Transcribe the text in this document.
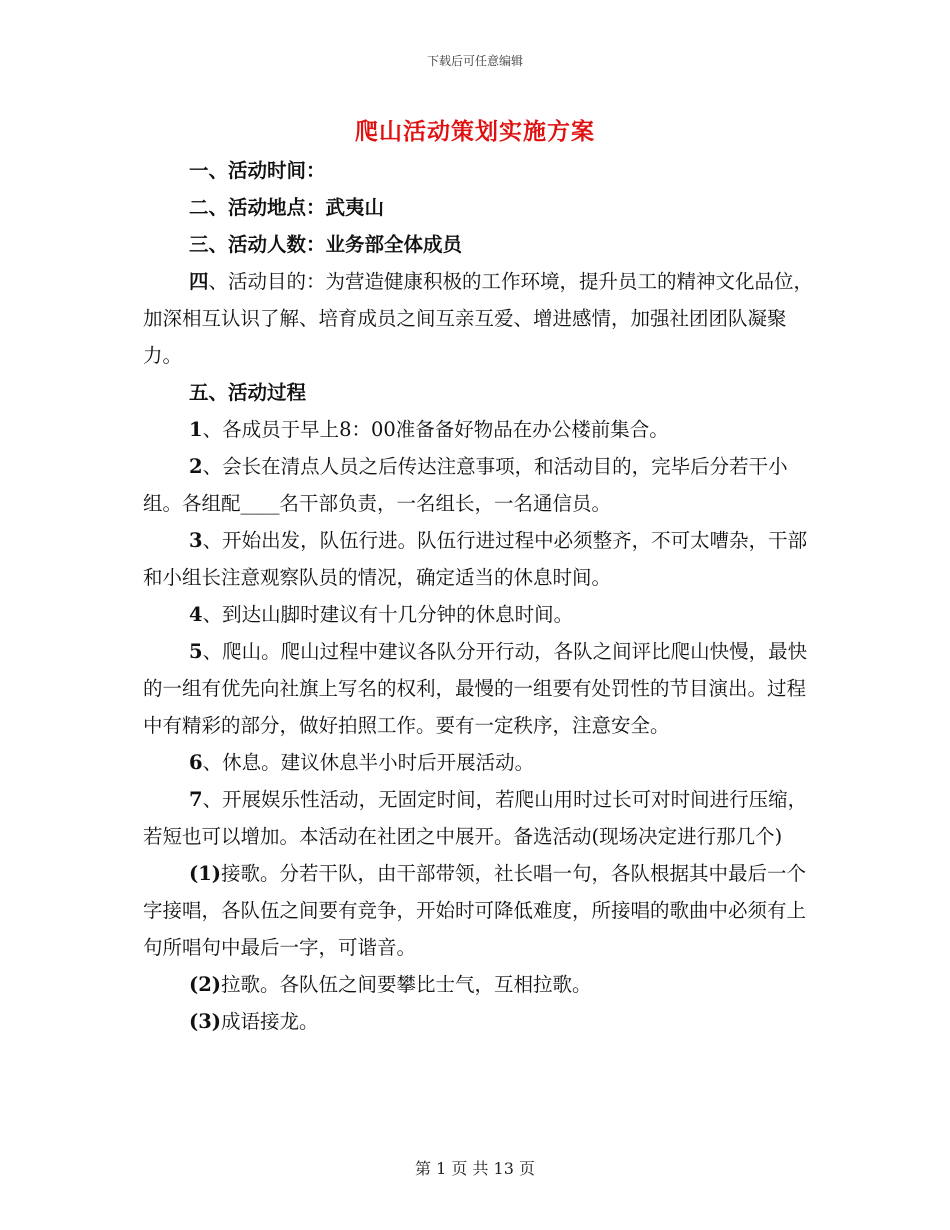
下载后可任意编辑
爬山活动策划实施方案

一、活动时间：

二、活动地点：武夷山

三、活动人数：业务部全体成员

四、活动目的：为营造健康积极的工作环境，提升员工的精神文化品位，加深相互认识了解、培育成员之间互亲互爱、增进感情，加强社团团队凝聚力。

五、活动过程

1、各成员于早上8：00准备备好物品在办公楼前集合。

2、会长在清点人员之后传达注意事项，和活动目的，完毕后分若干小组。各组配____名干部负责，一名组长，一名通信员。

3、开始出发，队伍行进。队伍行进过程中必须整齐，不可太嘈杂，干部和小组长注意观察队员的情况，确定适当的休息时间。

4、到达山脚时建议有十几分钟的休息时间。

5、爬山。爬山过程中建议各队分开行动，各队之间评比爬山快慢，最快的一组有优先向社旗上写名的权利，最慢的一组要有处罚性的节目演出。过程中有精彩的部分，做好拍照工作。要有一定秩序，注意安全。

6、休息。建议休息半小时后开展活动。

7、开展娱乐性活动，无固定时间，若爬山用时过长可对时间进行压缩，若短也可以增加。本活动在社团之中展开。备选活动(现场决定进行那几个)

(1)接歌。分若干队，由干部带领，社长唱一句，各队根据其中最后一个字接唱，各队伍之间要有竞争，开始时可降低难度，所接唱的歌曲中必须有上句所唱句中最后一字，可谐音。

(2)拉歌。各队伍之间要攀比士气，互相拉歌。

(3)成语接龙。

第 1 页 共 13 页
